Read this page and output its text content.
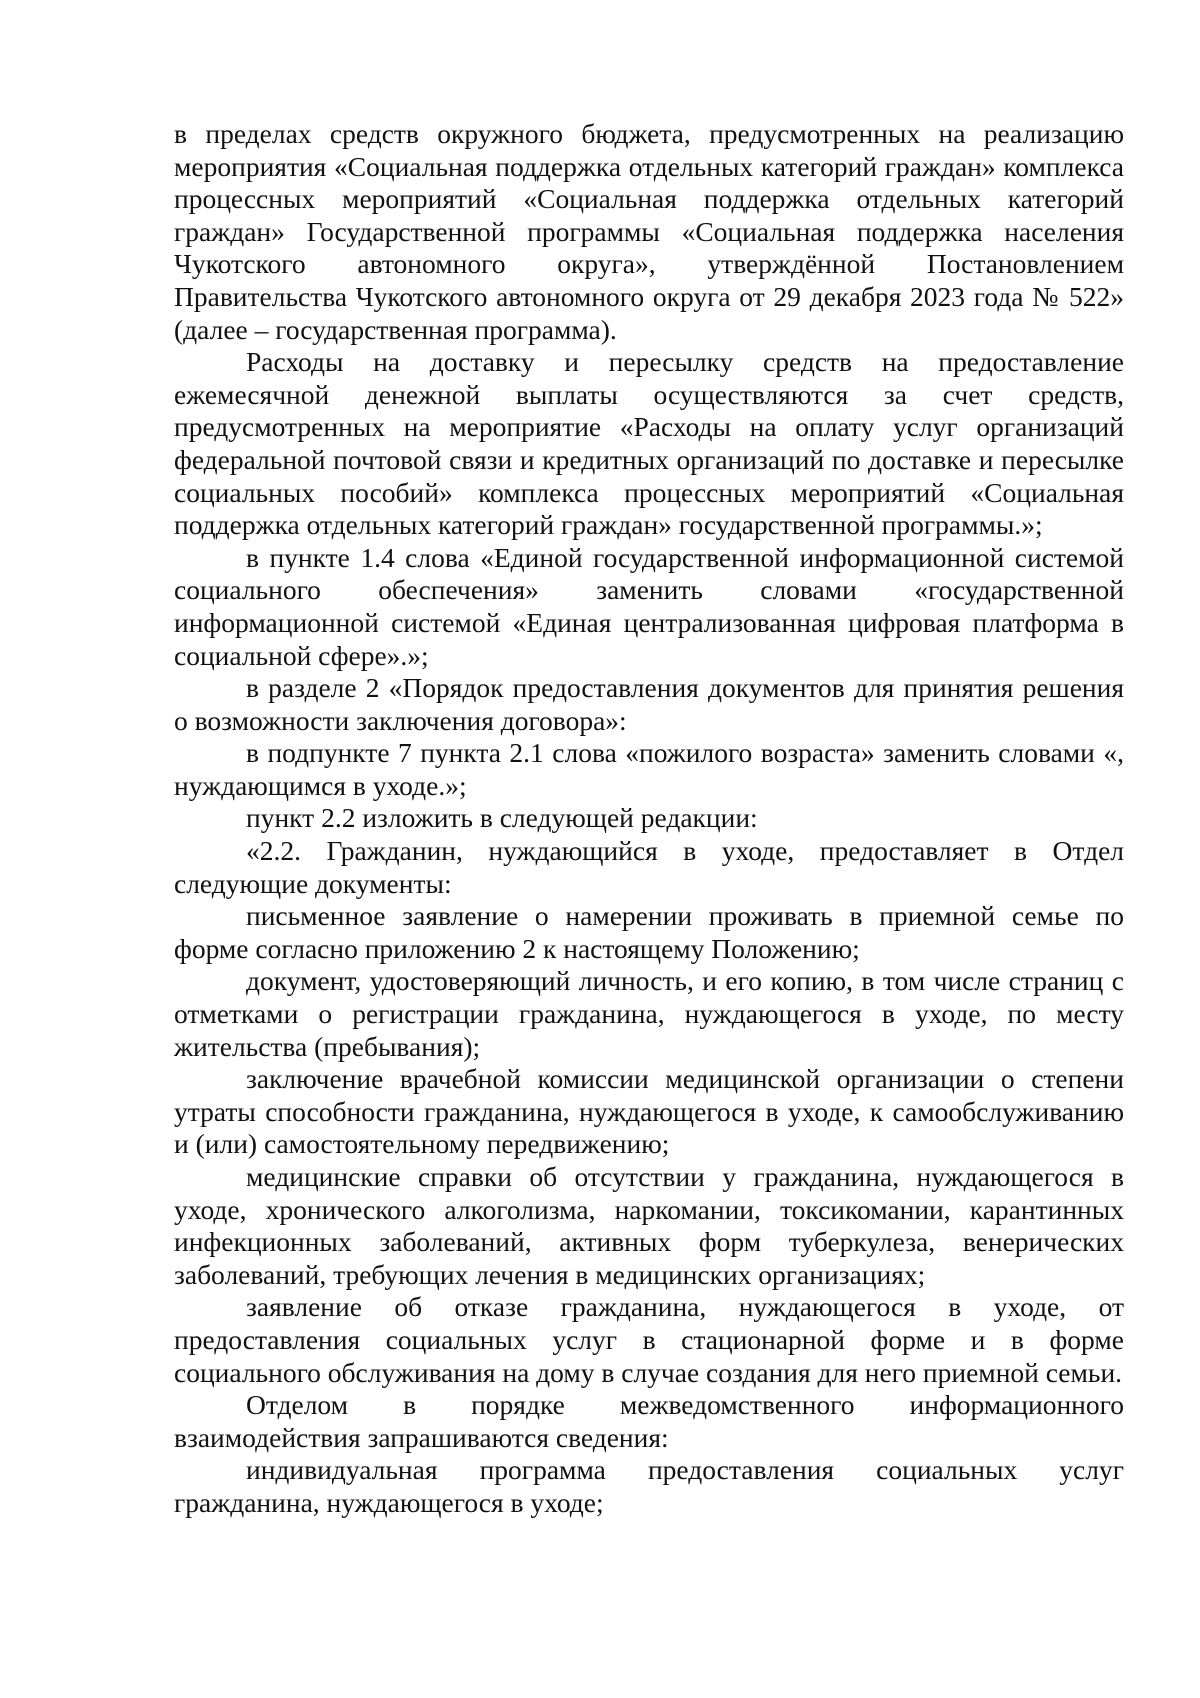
в пределах средств окружного бюджета, предусмотренных на реализацию мероприятия «Социальная поддержка отдельных категорий граждан» комплекса процессных мероприятий «Социальная поддержка отдельных категорий граждан» Государственной программы «Социальная поддержка населения Чукотского автономного округа», утверждённой Постановлением Правительства Чукотского автономного округа от 29 декабря 2023 года № 522» (далее – государственная программа).

Расходы на доставку и пересылку средств на предоставление ежемесячной денежной выплаты осуществляются за счет средств, предусмотренных на мероприятие «Расходы на оплату услуг организаций федеральной почтовой связи и кредитных организаций по доставке и пересылке социальных пособий» комплекса процессных мероприятий «Социальная поддержка отдельных категорий граждан» государственной программы.»;

в пункте 1.4 слова «Единой государственной информационной системой социального обеспечения» заменить словами «государственной информационной системой «Единая централизованная цифровая платформа в социальной сфере».»;

в разделе 2 «Порядок предоставления документов для принятия решения о возможности заключения договора»:

в подпункте 7 пункта 2.1 слова «пожилого возраста» заменить словами «, нуждающимся в уходе.»;

пункт 2.2 изложить в следующей редакции:

«2.2. Гражданин, нуждающийся в уходе, предоставляет в Отдел следующие документы:

письменное заявление о намерении проживать в приемной семье по форме согласно приложению 2 к настоящему Положению;

документ, удостоверяющий личность, и его копию, в том числе страниц с отметками о регистрации гражданина, нуждающегося в уходе, по месту жительства (пребывания);

заключение врачебной комиссии медицинской организации о степени утраты способности гражданина, нуждающегося в уходе, к самообслуживанию и (или) самостоятельному передвижению;

медицинские справки об отсутствии у гражданина, нуждающегося в уходе, хронического алкоголизма, наркомании, токсикомании, карантинных инфекционных заболеваний, активных форм туберкулеза, венерических заболеваний, требующих лечения в медицинских организациях;

заявление об отказе гражданина, нуждающегося в уходе, от предоставления социальных услуг в стационарной форме и в форме социального обслуживания на дому в случае создания для него приемной семьи.

Отделом в порядке межведомственного информационного взаимодействия запрашиваются сведения:

индивидуальная программа предоставления социальных услуг гражданина, нуждающегося в уходе;
